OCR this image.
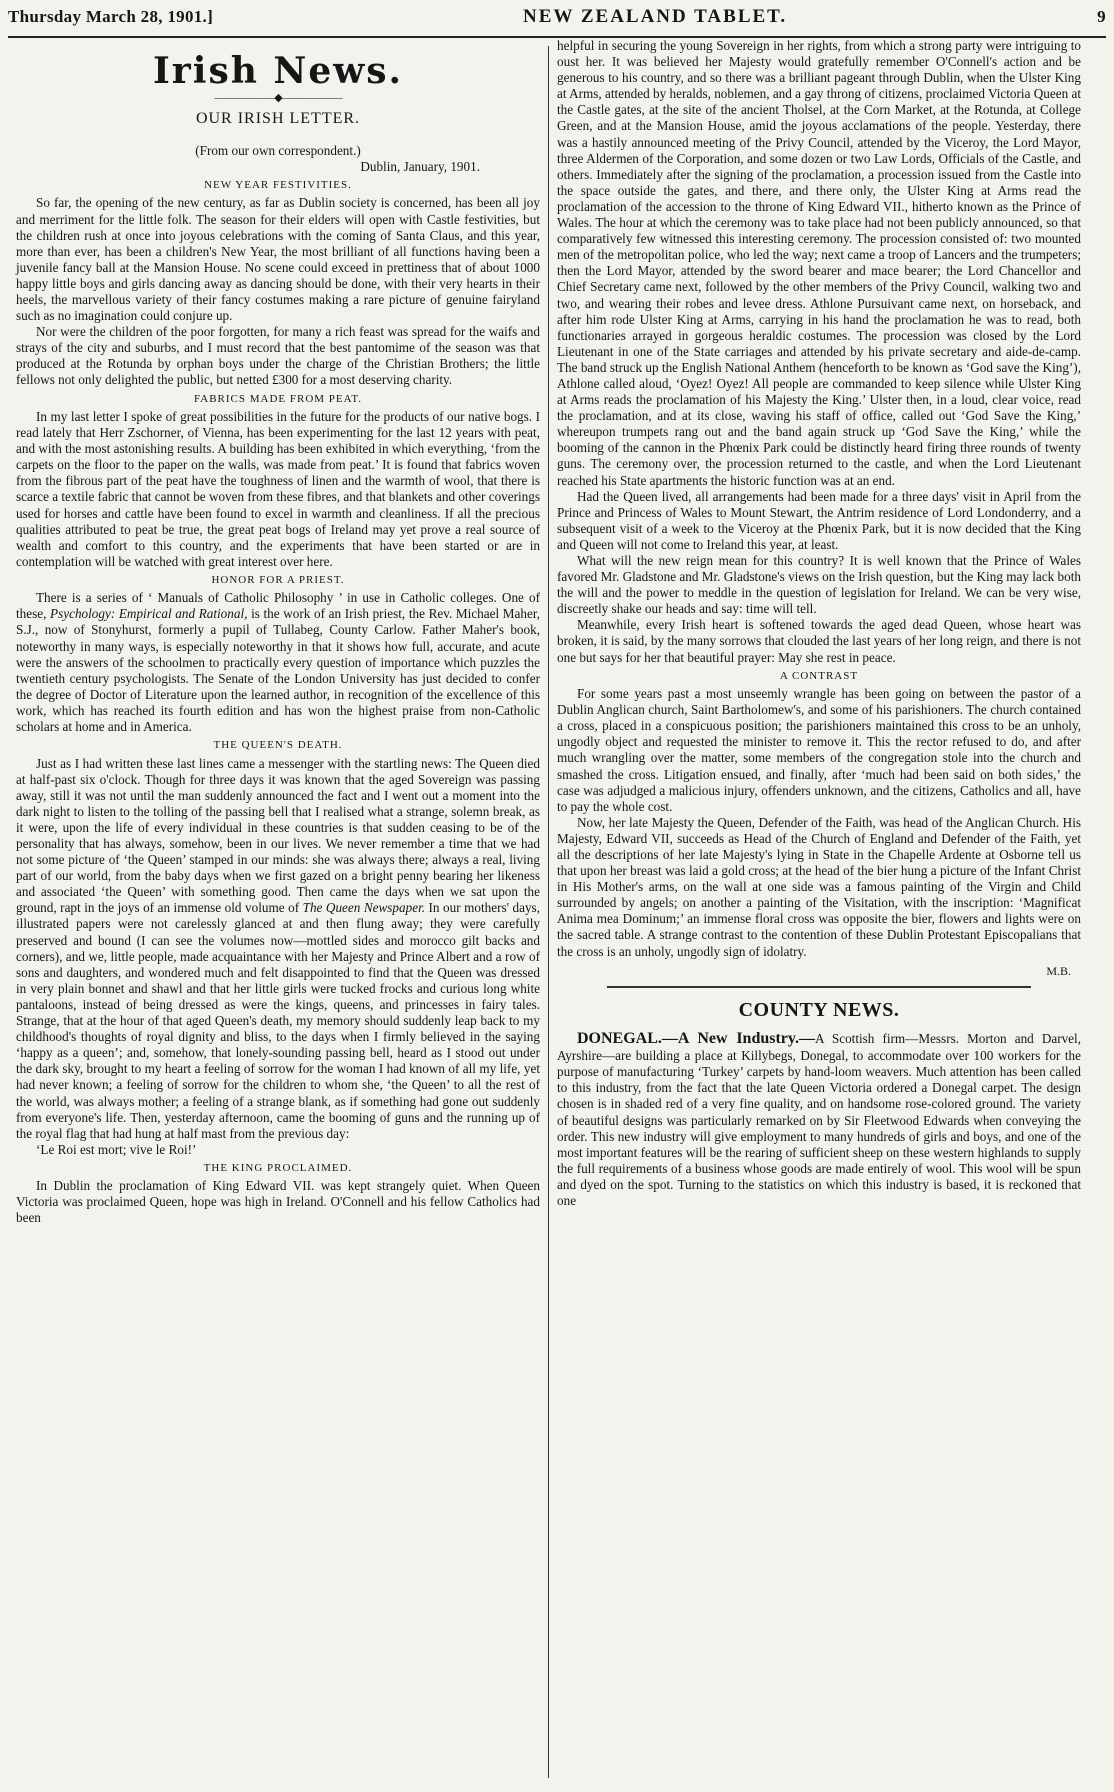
Thursday March 28, 1901.]	NEW ZEALAND TABLET.	9
Irish News.
——————◆——————
OUR IRISH LETTER.
(From our own correspondent.)
Dublin, January, 1901.
NEW YEAR FESTIVITIES.

So far, the opening of the new century, as far as Dublin society is concerned, has been all joy and merriment for the little folk. The season for their elders will open with Castle festivities, but the children rush at once into joyous celebrations with the coming of Santa Claus, and this year, more than ever, has been a children's New Year, the most brilliant of all functions having been a juvenile fancy ball at the Mansion House. No scene could exceed in prettiness that of about 1000 happy little boys and girls dancing away as dancing should be done, with their very hearts in their heels, the marvellous variety of their fancy costumes making a rare picture of genuine fairyland such as no imagination could conjure up.

Nor were the children of the poor forgotten, for many a rich feast was spread for the waifs and strays of the city and suburbs, and I must record that the best pantomime of the season was that produced at the Rotunda by orphan boys under the charge of the Christian Brothers; the little fellows not only delighted the public, but netted £300 for a most deserving charity.

FABRICS MADE FROM PEAT.

In my last letter I spoke of great possibilities in the future for the products of our native bogs. I read lately that Herr Zschorner, of Vienna, has been experimenting for the last 12 years with peat, and with the most astonishing results. A building has been exhibited in which everything, ‘from the carpets on the floor to the paper on the walls, was made from peat.’ It is found that fabrics woven from the fibrous part of the peat have the toughness of linen and the warmth of wool, that there is scarce a textile fabric that cannot be woven from these fibres, and that blankets and other coverings used for horses and cattle have been found to excel in warmth and cleanliness. If all the precious qualities attributed to peat be true, the great peat bogs of Ireland may yet prove a real source of wealth and comfort to this country, and the experiments that have been started or are in contemplation will be watched with great interest over here.

HONOR FOR A PRIEST.

There is a series of ‘ Manuals of Catholic Philosophy ’ in use in Catholic colleges. One of these, Psychology: Empirical and Rational, is the work of an Irish priest, the Rev. Michael Maher, S.J., now of Stonyhurst, formerly a pupil of Tullabeg, County Carlow. Father Maher's book, noteworthy in many ways, is especially noteworthy in that it shows how full, accurate, and acute were the answers of the schoolmen to practically every question of importance which puzzles the twentieth century psychologists. The Senate of the London University has just decided to confer the degree of Doctor of Literature upon the learned author, in recognition of the excellence of this work, which has reached its fourth edition and has won the highest praise from non-Catholic scholars at home and in America.

THE QUEEN'S DEATH.

Just as I had written these last lines came a messenger with the startling news: The Queen died at half-past six o'clock. Though for three days it was known that the aged Sovereign was passing away, still it was not until the man suddenly announced the fact and I went out a moment into the dark night to listen to the tolling of the passing bell that I realised what a strange, solemn break, as it were, upon the life of every individual in these countries is that sudden ceasing to be of the personality that has always, somehow, been in our lives. We never remember a time that we had not some picture of ‘the Queen’ stamped in our minds: she was always there; always a real, living part of our world, from the baby days when we first gazed on a bright penny bearing her likeness and associated ‘the Queen’ with something good. Then came the days when we sat upon the ground, rapt in the joys of an immense old volume of The Queen Newspaper. In our mothers' days, illustrated papers were not carelessly glanced at and then flung away; they were carefully preserved and bound (I can see the volumes now—mottled sides and morocco gilt backs and corners), and we, little people, made acquaintance with her Majesty and Prince Albert and a row of sons and daughters, and wondered much and felt disappointed to find that the Queen was dressed in very plain bonnet and shawl and that her little girls were tucked frocks and curious long white pantaloons, instead of being dressed as were the kings, queens, and princesses in fairy tales. Strange, that at the hour of that aged Queen's death, my memory should suddenly leap back to my childhood's thoughts of royal dignity and bliss, to the days when I firmly believed in the saying ‘happy as a queen’; and, somehow, that lonely-sounding passing bell, heard as I stood out under the dark sky, brought to my heart a feeling of sorrow for the woman I had known of all my life, yet had never known; a feeling of sorrow for the children to whom she, ‘the Queen’ to all the rest of the world, was always mother; a feeling of a strange blank, as if something had gone out suddenly from everyone's life. Then, yesterday afternoon, came the booming of guns and the running up of the royal flag that had hung at half mast from the previous day:

‘Le Roi est mort; vive le Roi!’

THE KING PROCLAIMED.

In Dublin the proclamation of King Edward VII. was kept strangely quiet. When Queen Victoria was proclaimed Queen, hope was high in Ireland. O'Connell and his fellow Catholics had been

helpful in securing the young Sovereign in her rights, from which a strong party were intriguing to oust her. It was believed her Majesty would gratefully remember O'Connell's action and be generous to his country, and so there was a brilliant pageant through Dublin, when the Ulster King at Arms, attended by heralds, noblemen, and a gay throng of citizens, proclaimed Victoria Queen at the Castle gates, at the site of the ancient Tholsel, at the Corn Market, at the Rotunda, at College Green, and at the Mansion House, amid the joyous acclamations of the people. Yesterday, there was a hastily announced meeting of the Privy Council, attended by the Viceroy, the Lord Mayor, three Aldermen of the Corporation, and some dozen or two Law Lords, Officials of the Castle, and others. Immediately after the signing of the proclamation, a procession issued from the Castle into the space outside the gates, and there, and there only, the Ulster King at Arms read the proclamation of the accession to the throne of King Edward VII., hitherto known as the Prince of Wales. The hour at which the ceremony was to take place had not been publicly announced, so that comparatively few witnessed this interesting ceremony. The procession consisted of: two mounted men of the metropolitan police, who led the way; next came a troop of Lancers and the trumpeters; then the Lord Mayor, attended by the sword bearer and mace bearer; the Lord Chancellor and Chief Secretary came next, followed by the other members of the Privy Council, walking two and two, and wearing their robes and levee dress. Athlone Pursuivant came next, on horseback, and after him rode Ulster King at Arms, carrying in his hand the proclamation he was to read, both functionaries arrayed in gorgeous heraldic costumes. The procession was closed by the Lord Lieutenant in one of the State carriages and attended by his private secretary and aide-de-camp. The band struck up the English National Anthem (henceforth to be known as ‘God save the King’), Athlone called aloud, ‘Oyez! Oyez! All people are commanded to keep silence while Ulster King at Arms reads the proclamation of his Majesty the King.’ Ulster then, in a loud, clear voice, read the proclamation, and at its close, waving his staff of office, called out ‘God Save the King,’ whereupon trumpets rang out and the band again struck up ‘God Save the King,’ while the booming of the cannon in the Phœnix Park could be distinctly heard firing three rounds of twenty guns. The ceremony over, the procession returned to the castle, and when the Lord Lieutenant reached his State apartments the historic function was at an end.

Had the Queen lived, all arrangements had been made for a three days' visit in April from the Prince and Princess of Wales to Mount Stewart, the Antrim residence of Lord Londonderry, and a subsequent visit of a week to the Viceroy at the Phœnix Park, but it is now decided that the King and Queen will not come to Ireland this year, at least.

What will the new reign mean for this country? It is well known that the Prince of Wales favored Mr. Gladstone and Mr. Gladstone's views on the Irish question, but the King may lack both the will and the power to meddle in the question of legislation for Ireland. We can be very wise, discreetly shake our heads and say: time will tell.

Meanwhile, every Irish heart is softened towards the aged dead Queen, whose heart was broken, it is said, by the many sorrows that clouded the last years of her long reign, and there is not one but says for her that beautiful prayer: May she rest in peace.

A CONTRAST

For some years past a most unseemly wrangle has been going on between the pastor of a Dublin Anglican church, Saint Bartholomew's, and some of his parishioners. The church contained a cross, placed in a conspicuous position; the parishioners maintained this cross to be an unholy, ungodly object and requested the minister to remove it. This the rector refused to do, and after much wrangling over the matter, some members of the congregation stole into the church and smashed the cross. Litigation ensued, and finally, after ‘much had been said on both sides,’ the case was adjudged a malicious injury, offenders unknown, and the citizens, Catholics and all, have to pay the whole cost.

Now, her late Majesty the Queen, Defender of the Faith, was head of the Anglican Church. His Majesty, Edward VII, succeeds as Head of the Church of England and Defender of the Faith, yet all the descriptions of her late Majesty's lying in State in the Chapelle Ardente at Osborne tell us that upon her breast was laid a gold cross; at the head of the bier hung a picture of the Infant Christ in His Mother's arms, on the wall at one side was a famous painting of the Virgin and Child surrounded by angels; on another a painting of the Visitation, with the inscription: ‘Magnificat Anima mea Dominum;’ an immense floral cross was opposite the bier, flowers and lights were on the sacred table. A strange contrast to the contention of these Dublin Protestant Episcopalians that the cross is an unholy, ungodly sign of idolatry.

M.B.
COUNTY NEWS.

DONEGAL.—A New Industry.—A Scottish firm—Messrs. Morton and Darvel, Ayrshire—are building a place at Killybegs, Donegal, to accommodate over 100 workers for the purpose of manufacturing ‘Turkey’ carpets by hand-loom weavers. Much attention has been called to this industry, from the fact that the late Queen Victoria ordered a Donegal carpet. The design chosen is in shaded red of a very fine quality, and on handsome rose-colored ground. The variety of beautiful designs was particularly remarked on by Sir Fleetwood Edwards when conveying the order. This new industry will give employment to many hundreds of girls and boys, and one of the most important features will be the rearing of sufficient sheep on these western highlands to supply the full requirements of a business whose goods are made entirely of wool. This wool will be spun and dyed on the spot. Turning to the statistics on which this industry is based, it is reckoned that one
